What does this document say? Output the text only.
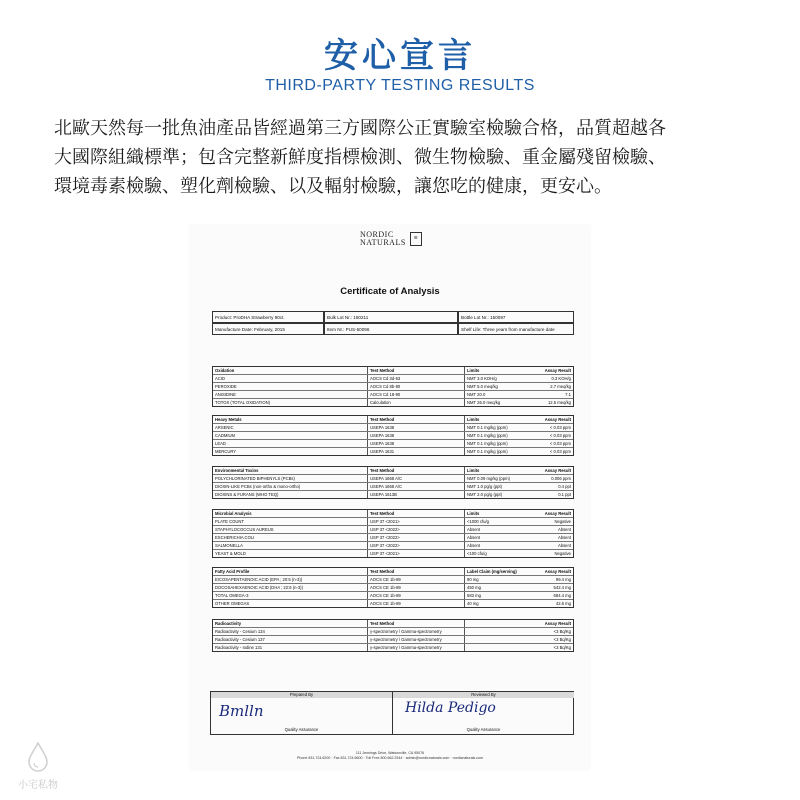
安心宣言
THIRD-PARTY TESTING RESULTS

北歐天然每一批魚油產品皆經過第三方國際公正實驗室檢驗合格，品質超越各

大國際組織標準；包含完整新鮮度指標檢測、微生物檢驗、重金屬殘留檢驗、

環境毒素檢驗、塑化劑檢驗、以及輻射檢驗，讓您吃的健康，更安心。

NORDIC
NATURALS	≋
Certificate of Analysis
Product: ProDHA Strawberry 90ct.	Bulk Lot Nr.: 150211	Bottle Lot Nr.: 150097
Manufacture Date: February, 2015	Item Nr.: PUS-50096	Shelf Life: Three years from manufacture date
Oxidation	Test Method	Limits	Assay Result
ACID	AOCS Cd 3d-63	NMT 3.0 KOH/g	0.3 KOH/g
PEROXIDE	AOCS Cd 8b-90	NMT 5.0 meq/kg	2.7 meq/kg
ANISIDINE	AOCS Cd 18-90	NMT 20.0	7.1
TOTOX (TOTAL OXIDATION)	Calculation	NMT 26.0 meq/kg	12.5 meq/kg
Heavy Metals	Test Method	Limits	Assay Result
ARSENIC	USEPA 1638	NMT 0.1 mg/kg (ppm)	< 0.03 ppm
CADMIUM	USEPA 1638	NMT 0.1 mg/kg (ppm)	< 0.03 ppm
LEAD	USEPA 1638	NMT 0.1 mg/kg (ppm)	< 0.03 ppm
MERCURY	USEPA 1631	NMT 0.1 mg/kg (ppm)	< 0.03 ppm
Environmental Toxins	Test Method	Limits	Assay Result
POLYCHLORINATED BIPHENYLS (PCBs)	USEPA 1668 A/C	NMT 0.09 mg/kg (ppm)	0.006 ppm
DIOXIN-LIKE PCBs (non-ortho & mono-ortho)	USEPA 1668 A/C	NMT 1.0 pg/g (ppt)	0.4 ppt
DIOXINS & FURANS (WHO TEQ)	USEPA 1613B	NMT 2.0 pg/g (ppt)	0.1 ppt
Microbial Analysis	Test Method	Limits	Assay Result
PLATE COUNT	USP 37 <2021>	<1000 cfu/g	Negative
STAPHYLOCOCCUS AUREUS	USP 37 <2022>	Absent	Absent
ESCHERICHIA COLI	USP 37 <2022>	Absent	Absent
SALMONELLA	USP 37 <2022>	Absent	Absent
YEAST & MOLD	USP 37 <2021>	<100 cfu/g	Negative
Fatty Acid Profile	Test Method	Label Claim (mg/serving)	Assay Result
EICOSAPENTAENOIC ACID (EPA ; 20:5 (n-3))	AOCS CE 1b-89	90 mg	99.4 mg
DOCOSAHEXAENOIC ACID (DHA ; 22:6 (n-3))	AOCS CE 1b-89	450 mg	542.4 mg
TOTAL OMEGA-3	AOCS CE 1b-89	583 mg	684.4 mg
OTHER OMEGAS	AOCS CE 1b-89	40 mg	42.6 mg
Radioactivity	Test Method	Assay Result
Radioactivity - Cesium 134	γ-spectrometry / Gamma-spectrometry	<3 Bq/Kg
Radioactivity - Cesium 137	γ-spectrometry / Gamma-spectrometry	<3 Bq/Kg
Radioactivity - Iodine 131	γ-spectrometry / Gamma-spectrometry	<3 Bq/Kg
Prepared By
Bmlln
Quality Assurance
Reviewed By
Hilda Pedigo
Quality Assurance
111 Jennings Drive, Watsonville, CA 95076
Phone 831.724.6200 · Fax 831.724.6600 · Toll Free 800.662.2544 · admin@nordicnaturals.com · nordicnaturals.com
小宅私物
